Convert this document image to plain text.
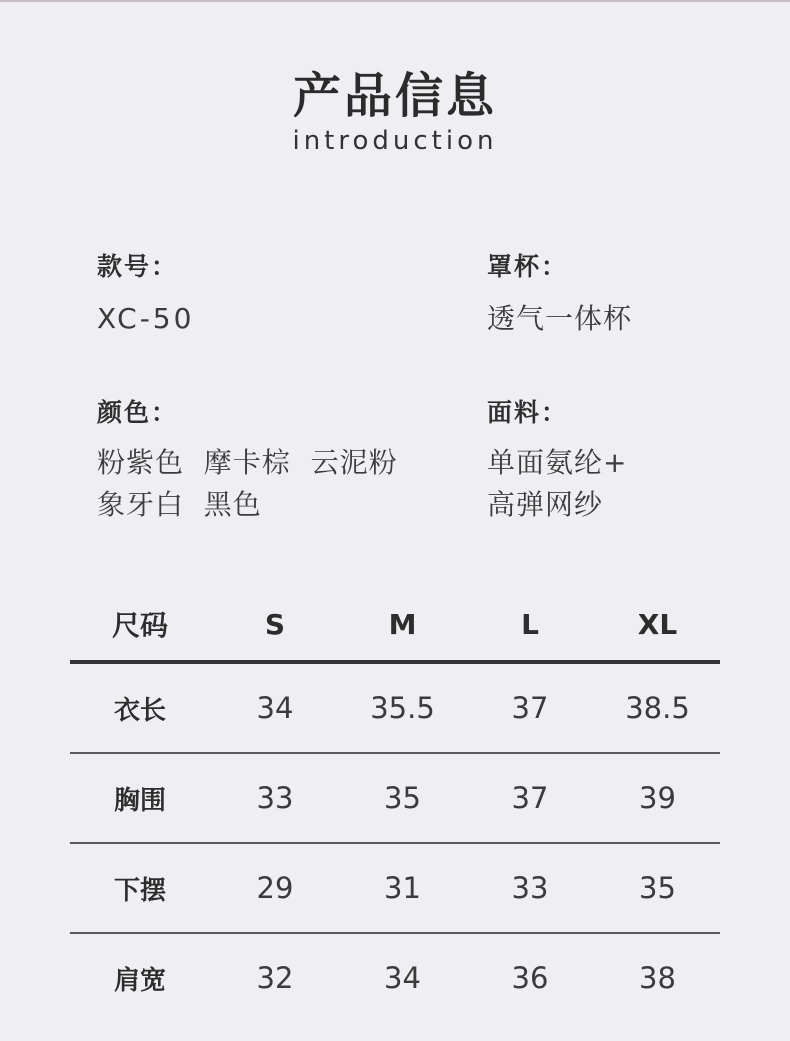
产品信息
introduction
款号：
XC-50
罩杯：
透气一体杯
颜色：
粉紫色  摩卡棕  云泥粉
象牙白  黑色
面料：
单面氨纶+
高弹网纱
尺码	S	M	L	XL
衣长	34	35.5	37	38.5
胸围	33	35	37	39
下摆	29	31	33	35
肩宽	32	34	36	38
